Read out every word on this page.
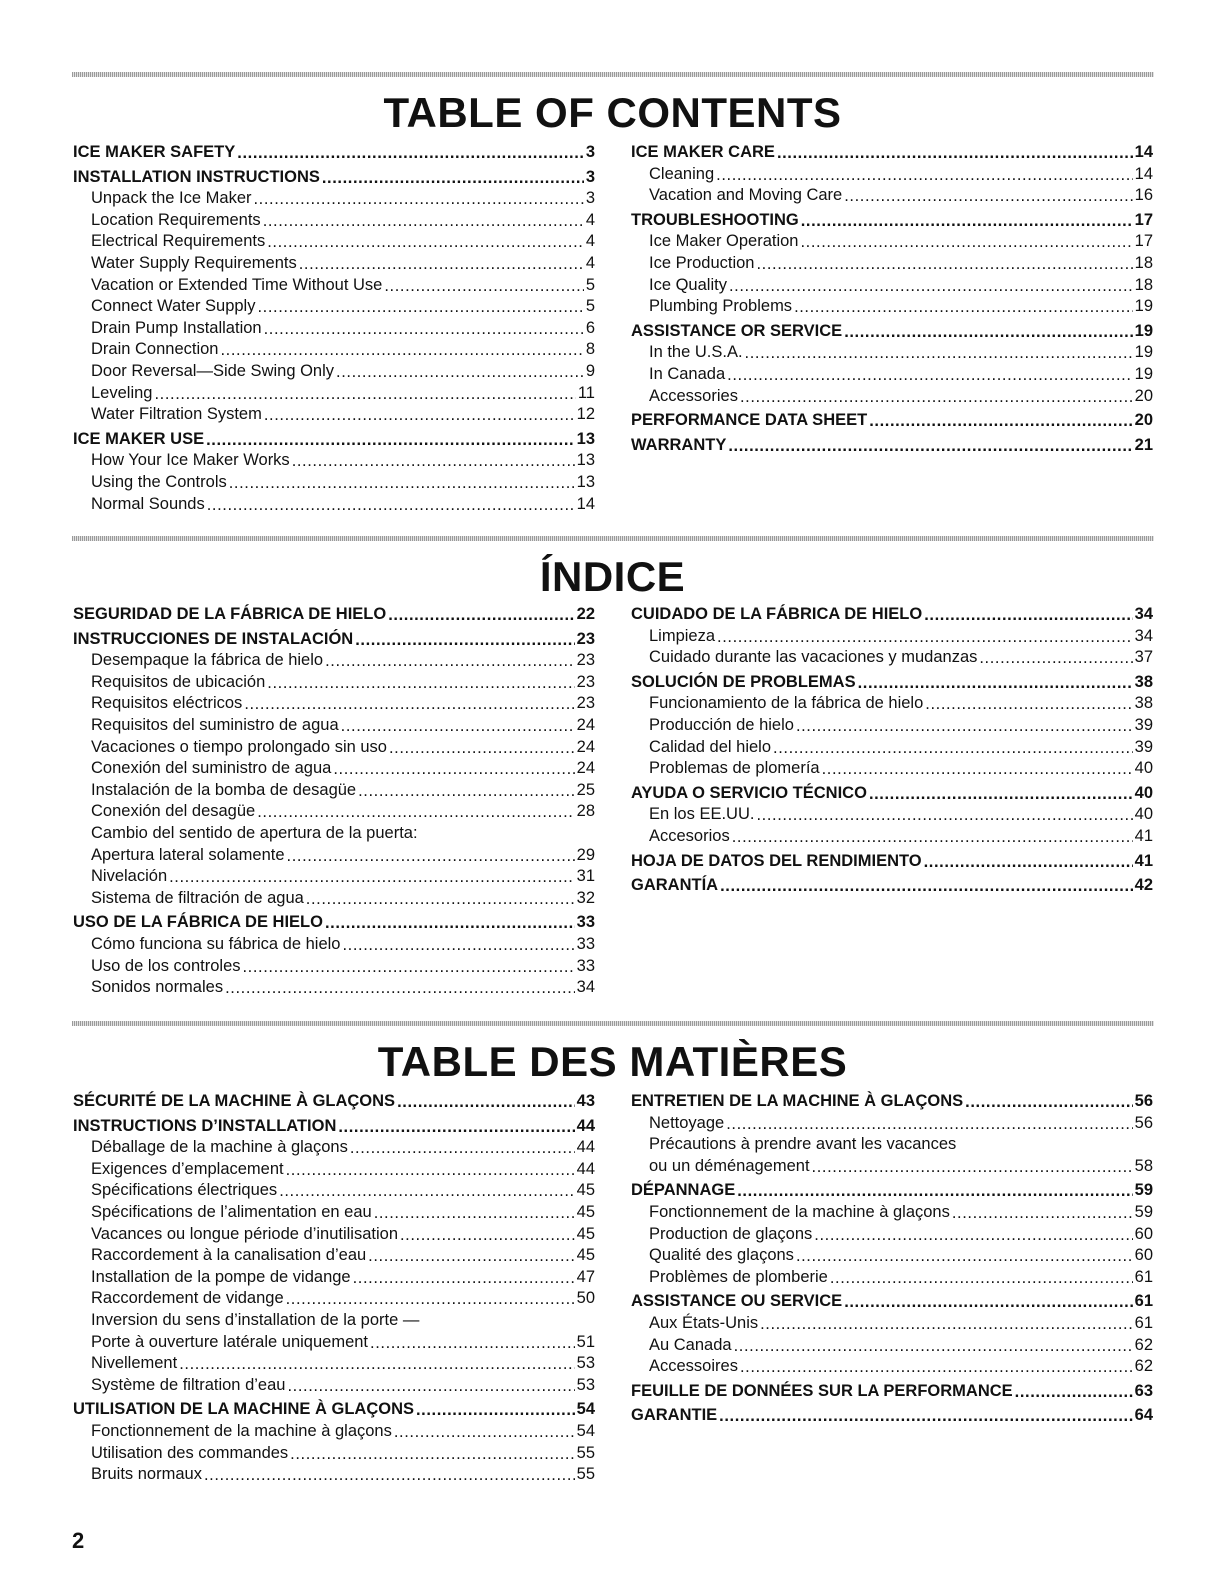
TABLE OF CONTENTS
ICE MAKER SAFETY .....	3
INSTALLATION INSTRUCTIONS .....	3
Unpack the Ice Maker .....	3
Location Requirements .....	4
Electrical Requirements .....	4
Water Supply Requirements .....	4
Vacation or Extended Time Without Use .....	5
Connect Water Supply .....	5
Drain Pump Installation .....	6
Drain Connection .....	8
Door Reversal—Side Swing Only .....	9
Leveling .....	11
Water Filtration System .....	12
ICE MAKER USE .....	13
How Your Ice Maker Works .....	13
Using the Controls .....	13
Normal Sounds .....	14
ICE MAKER CARE .....	14
Cleaning .....	14
Vacation and Moving Care .....	16
TROUBLESHOOTING .....	17
Ice Maker Operation .....	17
Ice Production .....	18
Ice Quality .....	18
Plumbing Problems .....	19
ASSISTANCE OR SERVICE .....	19
In the U.S.A. .....	19
In Canada .....	19
Accessories .....	20
PERFORMANCE DATA SHEET .....	20
WARRANTY .....	21
ÍNDICE
SEGURIDAD DE LA FÁBRICA DE HIELO .....	22
INSTRUCCIONES DE INSTALACIÓN .....	23
Desempaque la fábrica de hielo .....	23
Requisitos de ubicación .....	23
Requisitos eléctricos .....	23
Requisitos del suministro de agua .....	24
Vacaciones o tiempo prolongado sin uso .....	24
Conexión del suministro de agua .....	24
Instalación de la bomba de desagüe .....	25
Conexión del desagüe .....	28
Cambio del sentido de apertura de la puerta:
Apertura lateral solamente .....	29
Nivelación .....	31
Sistema de filtración de agua .....	32
USO DE LA FÁBRICA DE HIELO .....	33
Cómo funciona su fábrica de hielo .....	33
Uso de los controles .....	33
Sonidos normales .....	34
CUIDADO DE LA FÁBRICA DE HIELO .....	34
Limpieza .....	34
Cuidado durante las vacaciones y mudanzas .....	37
SOLUCIÓN DE PROBLEMAS .....	38
Funcionamiento de la fábrica de hielo .....	38
Producción de hielo .....	39
Calidad del hielo .....	39
Problemas de plomería .....	40
AYUDA O SERVICIO TÉCNICO .....	40
En los EE.UU. .....	40
Accesorios .....	41
HOJA DE DATOS DEL RENDIMIENTO .....	41
GARANTÍA .....	42
TABLE DES MATIÈRES
SÉCURITÉ DE LA MACHINE À GLAÇONS .....	43
INSTRUCTIONS D’INSTALLATION .....	44
Déballage de la machine à glaçons .....	44
Exigences d’emplacement .....	44
Spécifications électriques .....	45
Spécifications de l’alimentation en eau .....	45
Vacances ou longue période d’inutilisation .....	45
Raccordement à la canalisation d’eau .....	45
Installation de la pompe de vidange .....	47
Raccordement de vidange .....	50
Inversion du sens d’installation de la porte —
Porte à ouverture latérale uniquement .....	51
Nivellement .....	53
Système de filtration d’eau .....	53
UTILISATION DE LA MACHINE À GLAÇONS .....	54
Fonctionnement de la machine à glaçons .....	54
Utilisation des commandes .....	55
Bruits normaux .....	55
ENTRETIEN DE LA MACHINE À GLAÇONS .....	56
Nettoyage .....	56
Précautions à prendre avant les vacances
ou un déménagement .....	58
DÉPANNAGE .....	59
Fonctionnement de la machine à glaçons .....	59
Production de glaçons .....	60
Qualité des glaçons .....	60
Problèmes de plomberie .....	61
ASSISTANCE OU SERVICE .....	61
Aux États-Unis .....	61
Au Canada .....	62
Accessoires .....	62
FEUILLE DE DONNÉES SUR LA PERFORMANCE .....	63
GARANTIE .....	64
2
